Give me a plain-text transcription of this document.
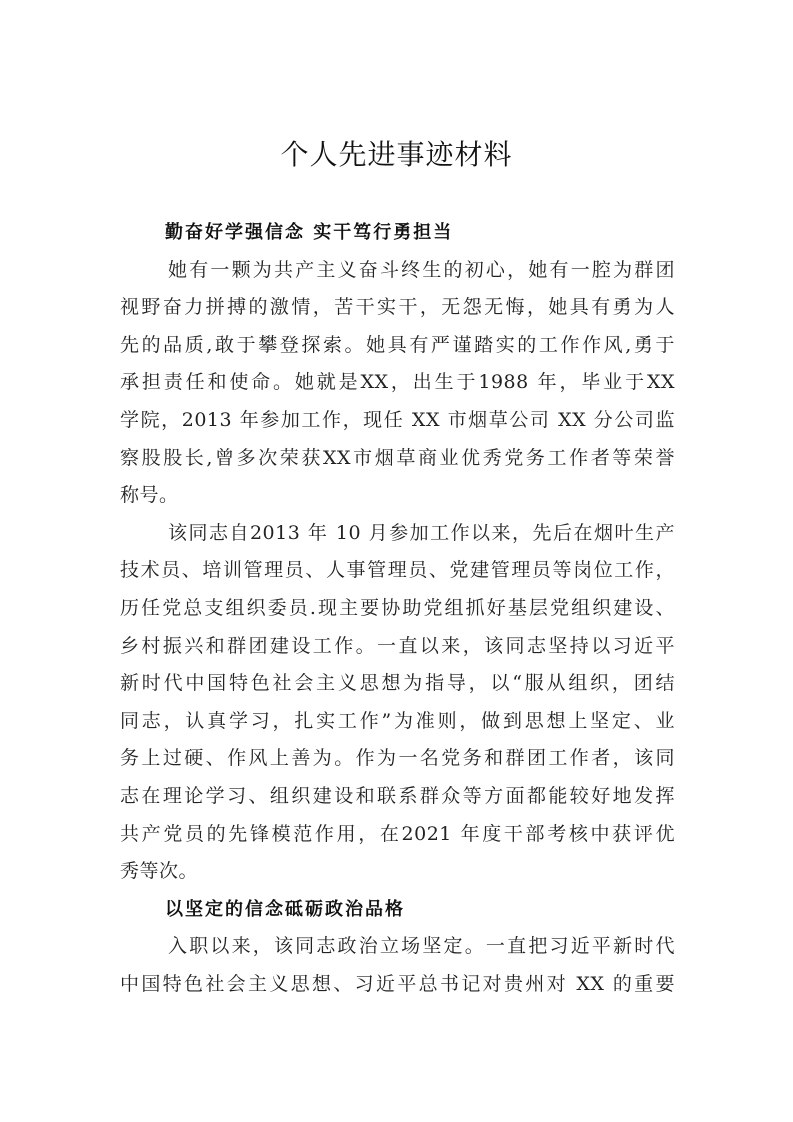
个人先进事迹材料
勤奋好学强信念 实干笃行勇担当
她有一颗为共产主义奋斗终生的初心，她有一腔为群团
视野奋力拼搏的激情，苦干实干，无怨无悔，她具有勇为人
先的品质,敢于攀登探索。她具有严谨踏实的工作作风,勇于
承担责任和使命。她就是XX，出生于1988 年，毕业于XX
学院，2013 年参加工作，现任 XX 市烟草公司 XX 分公司监
察股股长,曾多次荣获XX市烟草商业优秀党务工作者等荣誉
称号。
该同志自2013 年 10 月参加工作以来，先后在烟叶生产
技术员、培训管理员、人事管理员、党建管理员等岗位工作，
历任党总支组织委员.现主要协助党组抓好基层党组织建设、
乡村振兴和群团建设工作。一直以来，该同志坚持以习近平
新时代中国特色社会主义思想为指导，以“服从组织，团结
同志，认真学习，扎实工作”为准则，做到思想上坚定、业
务上过硬、作风上善为。作为一名党务和群团工作者，该同
志在理论学习、组织建设和联系群众等方面都能较好地发挥
共产党员的先锋模范作用，在2021 年度干部考核中获评优
秀等次。
以坚定的信念砥砺政治品格
入职以来，该同志政治立场坚定。一直把习近平新时代
中国特色社会主义思想、习近平总书记对贵州对 XX 的重要
